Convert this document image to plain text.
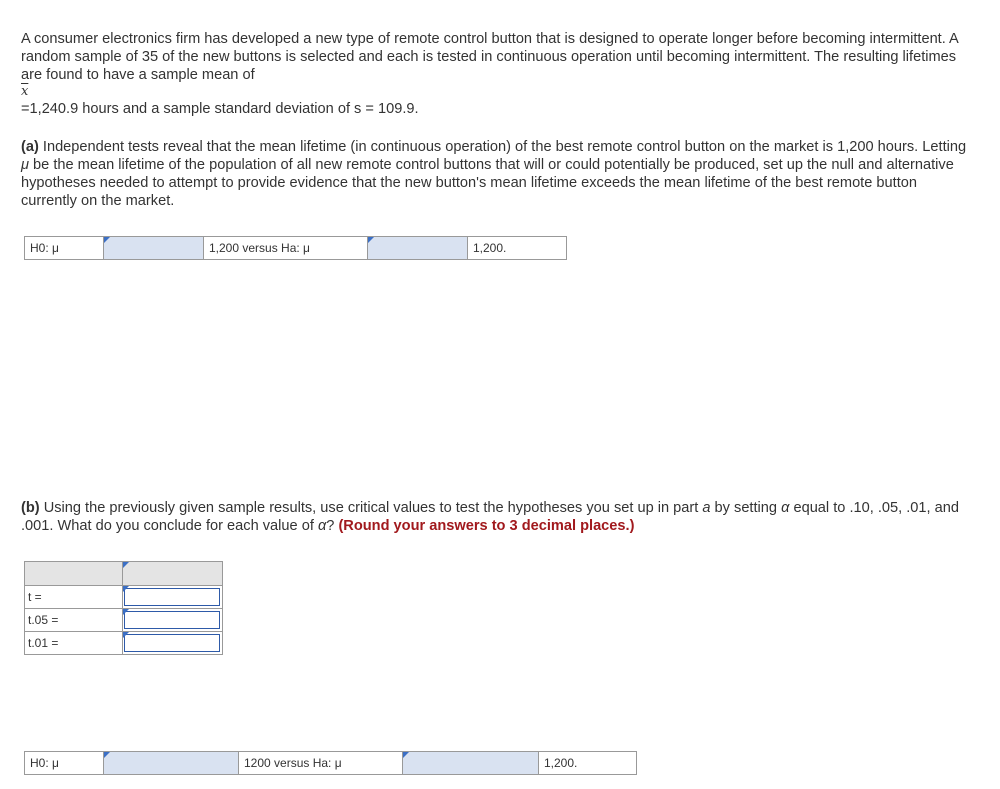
A consumer electronics firm has developed a new type of remote control button that is designed to operate longer before becoming intermittent. A random sample of 35 of the new buttons is selected and each is tested in continuous operation until becoming intermittent. The resulting lifetimes are found to have a sample mean of

$\overline{x}$

=1,240.9 hours and a sample standard deviation of s = 109.9.

(a) Independent tests reveal that the mean lifetime (in continuous operation) of the best remote control button on the market is 1,200 hours. Letting μ be the mean lifetime of the population of all new remote control buttons that will or could potentially be produced, set up the null and alternative hypotheses needed to attempt to provide evidence that the new button's mean lifetime exceeds the mean lifetime of the best remote button currently on the market.
H0: μ	1,200 versus Ha: μ	1,200.
(b) Using the previously given sample results, use critical values to test the hypotheses you set up in part a by setting α equal to .10, .05, .01, and .001. What do you conclude for each value of α? (Round your answers to 3 decimal places.)

t =	
t.05 =	
t.01 =	
H0: μ	1200 versus Ha: μ	1,200.
